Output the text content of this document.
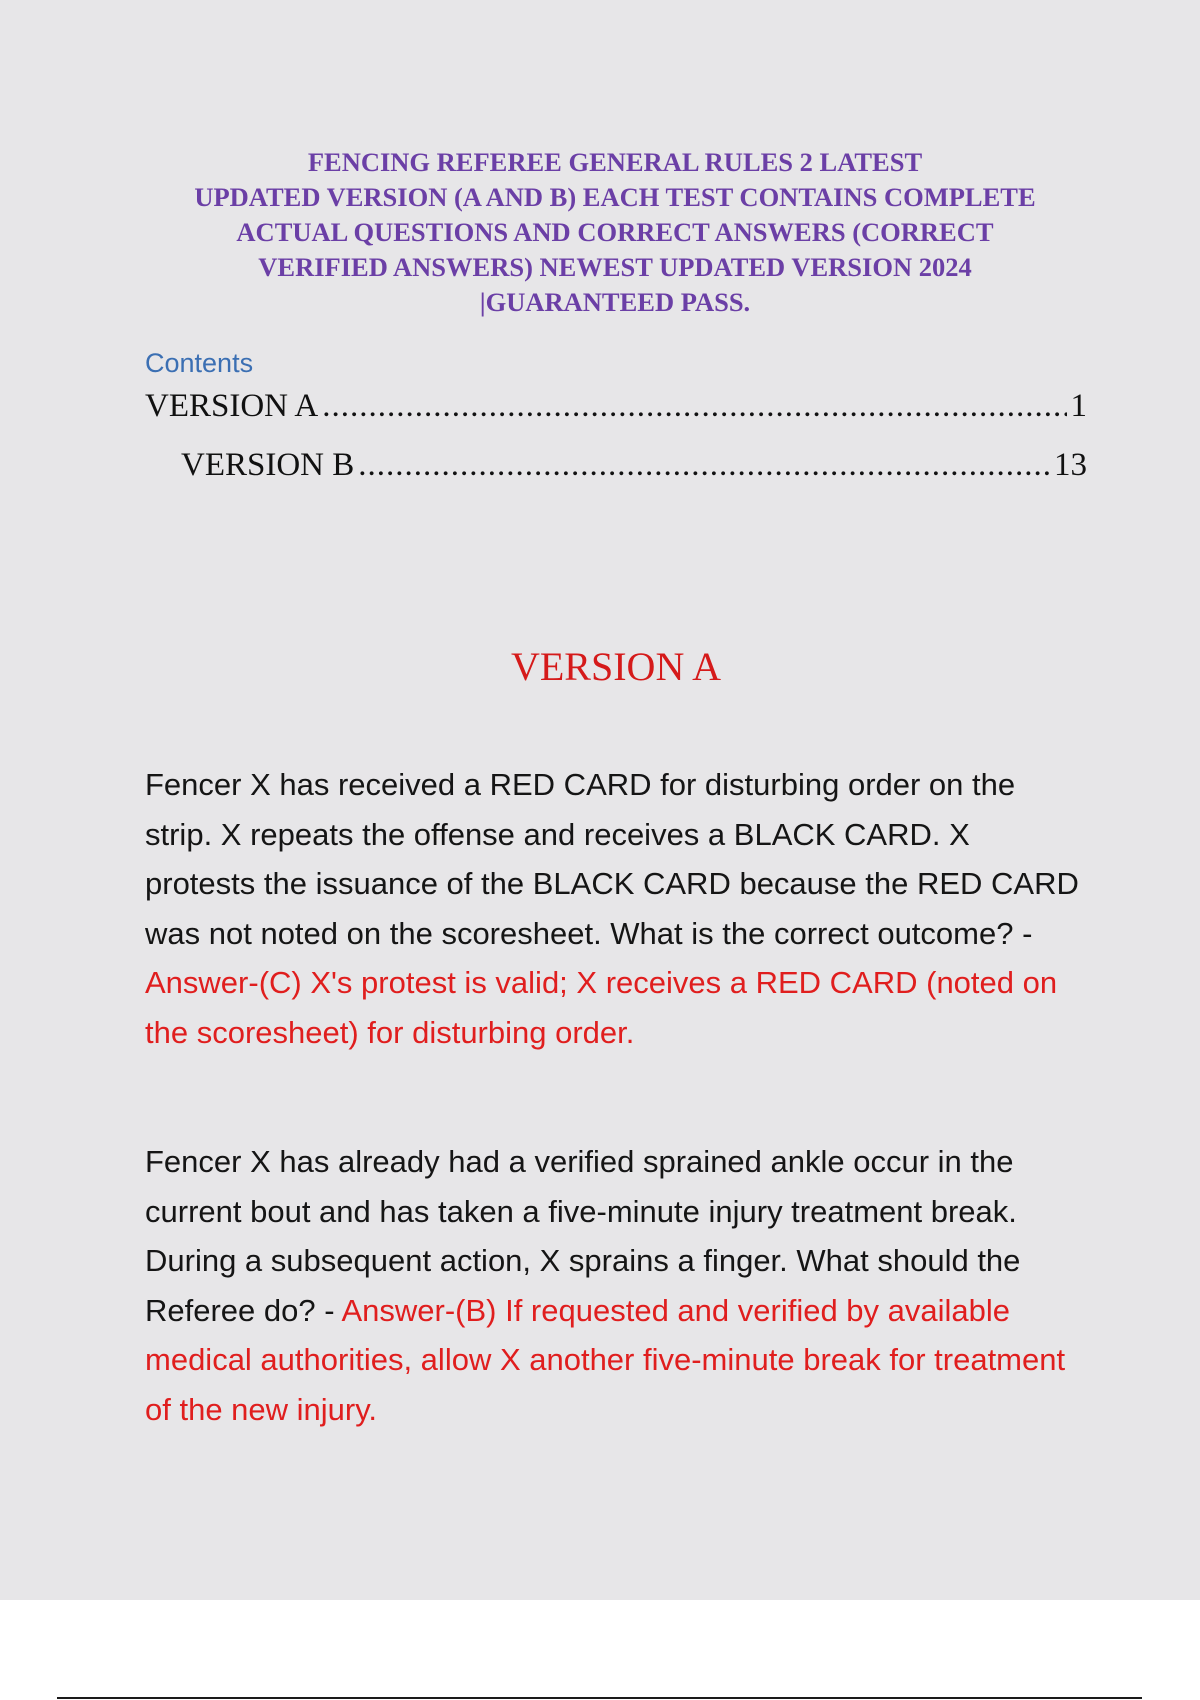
FENCING REFEREE GENERAL RULES 2 LATEST
UPDATED VERSION (A AND B) EACH TEST CONTAINS COMPLETE
ACTUAL QUESTIONS AND CORRECT ANSWERS (CORRECT
VERIFIED ANSWERS) NEWEST UPDATED VERSION 2024
|GUARANTEED PASS.
Contents
VERSION A .....	1
VERSION B .....	13
VERSION A
Fencer X has received a RED CARD for disturbing order on the strip. X repeats the offense and receives a BLACK CARD. X protests the issuance of the BLACK CARD because the RED CARD was not noted on the scoresheet. What is the correct outcome? - Answer-(C) X's protest is valid; X receives a RED CARD (noted on the scoresheet) for disturbing order.
Fencer X has already had a verified sprained ankle occur in the current bout and has taken a five-minute injury treatment break. During a subsequent action, X sprains a finger. What should the Referee do? - Answer-(B) If requested and verified by available medical authorities, allow X another five-minute break for treatment of the new injury.
